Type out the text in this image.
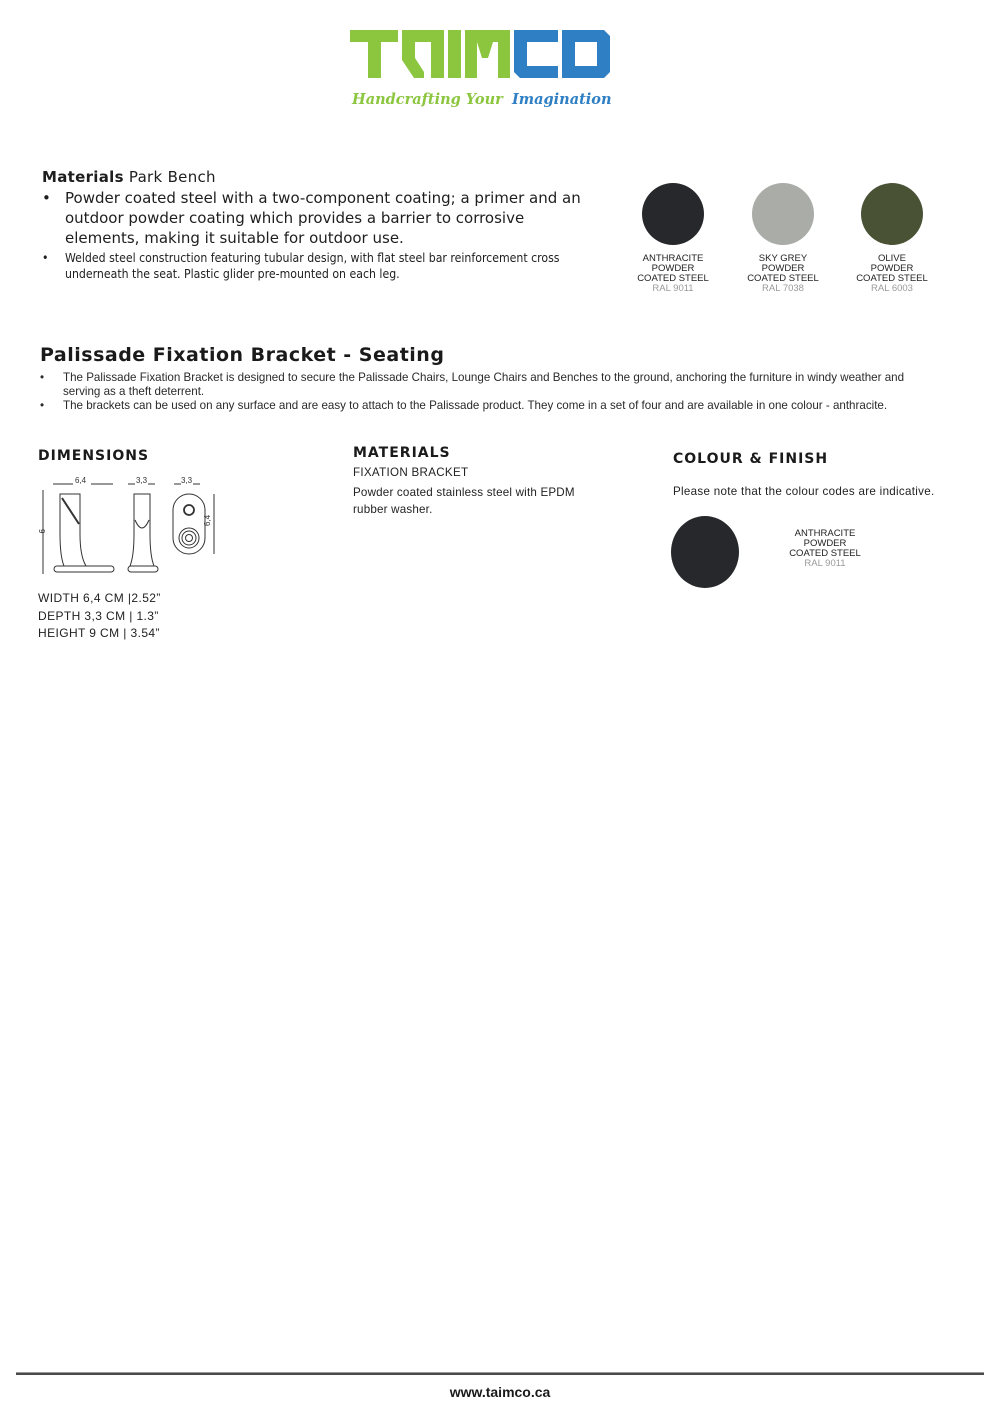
Handcrafting Your Imagination
Materials Park Bench
• Powder coated steel with a two-component coating; a primer and an outdoor powder coating which provides a barrier to corrosive elements, making it suitable for outdoor use.
• Welded steel construction featuring tubular design, with flat steel bar reinforcement cross underneath the seat. Plastic glider pre-mounted on each leg.
ANTHRACITE
POWDER
COATED STEEL
RAL 9011
SKY GREY
POWDER
COATED STEEL
RAL 7038
OLIVE
POWDER
COATED STEEL
RAL 6003
Palissade Fixation Bracket - Seating
• The Palissade Fixation Bracket is designed to secure the Palissade Chairs, Lounge Chairs and Benches to the ground, anchoring the furniture in windy weather and serving as a theft deterrent.
• The brackets can be used on any surface and are easy to attach to the Palissade product. They come in a set of four and are available in one colour - anthracite.
DIMENSIONS
6,4
9
3,3	3,3
6,4
WIDTH 6,4 CM |2.52”
DEPTH 3,3 CM | 1.3”
HEIGHT 9 CM | 3.54”
MATERIALS
FIXATION BRACKET
Powder coated stainless steel with EPDM rubber washer.
COLOUR & FINISH
Please note that the colour codes are indicative.
ANTHRACITE
POWDER
COATED STEEL
RAL 9011
www.taimco.ca
